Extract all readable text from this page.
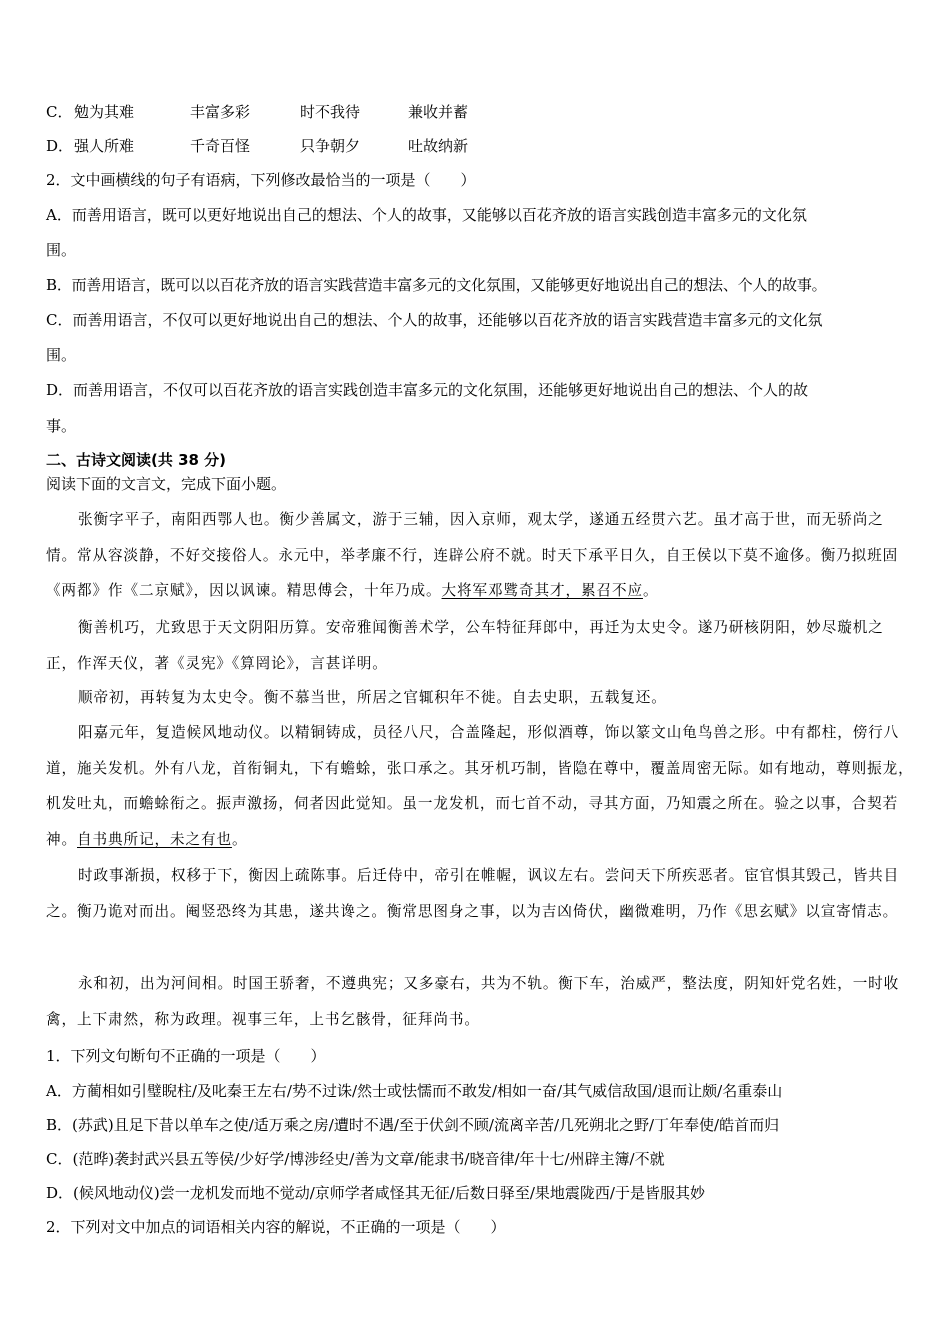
C． 勉为其难	丰富多彩	时不我待	兼收并蓄
D．强人所难	千奇百怪	只争朝夕	吐故纳新
2．文中画横线的句子有语病，下列修改最恰当的一项是（　　）
A．而善用语言，既可以更好地说出自己的想法、个人的故事，又能够以百花齐放的语言实践创造丰富多元的文化氛
围。
B．而善用语言，既可以以百花齐放的语言实践营造丰富多元的文化氛围，又能够更好地说出自己的想法、个人的故事。
C．而善用语言，不仅可以更好地说出自己的想法、个人的故事，还能够以百花齐放的语言实践营造丰富多元的文化氛
围。
D．而善用语言，不仅可以百花齐放的语言实践创造丰富多元的文化氛围，还能够更好地说出自己的想法、个人的故
事。
二、古诗文阅读(共 38 分)
阅读下面的文言文，完成下面小题。
张衡字平子，南阳西鄂人也。衡少善属文，游于三辅，因入京师，观太学，遂通五经贯六艺。虽才高于世，而无骄尚之情。常从容淡静，不好交接俗人。永元中，举孝廉不行，连辟公府不就。时天下承平日久，自王侯以下莫不逾侈。衡乃拟班固《两都》作《二京赋》，因以讽谏。精思傅会，十年乃成。大将军邓骘奇其才，累召不应。
衡善机巧，尤致思于天文阴阳历算。安帝雅闻衡善术学，公车特征拜郎中，再迁为太史令。遂乃研核阴阳，妙尽璇机之正，作浑天仪，著《灵宪》《算罔论》，言甚详明。
顺帝初，再转复为太史令。衡不慕当世，所居之官辄积年不徙。自去史职，五载复还。
阳嘉元年，复造候风地动仪。以精铜铸成，员径八尺，合盖隆起，形似酒尊，饰以篆文山龟鸟兽之形。中有都柱，傍行八道，施关发机。外有八龙，首衔铜丸，下有蟾蜍，张口承之。其牙机巧制，皆隐在尊中，覆盖周密无际。如有地动，尊则振龙，机发吐丸，而蟾蜍衔之。振声激扬，伺者因此觉知。虽一龙发机，而七首不动，寻其方面，乃知震之所在。验之以事，合契若神。自书典所记，未之有也。
时政事渐损，权移于下，衡因上疏陈事。后迁侍中，帝引在帷幄，讽议左右。尝问天下所疾恶者。宦官惧其毁己，皆共目之。衡乃诡对而出。阉竖恐终为其患，遂共谗之。衡常思图身之事，以为吉凶倚伏，幽微难明，乃作《思玄赋》以宣寄情志。
永和初，出为河间相。时国王骄奢，不遵典宪；又多豪右，共为不轨。衡下车，治威严，整法度，阴知奸党名姓，一时收禽，上下肃然，称为政理。视事三年，上书乞骸骨，征拜尚书。
1．下列文句断句不正确的一项是（　　）
A．方蔺相如引璧睨柱/及叱秦王左右/势不过诛/然士或怯懦而不敢发/相如一奋/其气威信敌国/退而让颇/名重泰山
B．(苏武)且足下昔以单车之使/适万乘之房/遭时不遇/至于伏剑不顾/流离辛苦/几死朔北之野/丁年奉使/皓首而归
C．(范晔)袭封武兴县五等侯/少好学/博涉经史/善为文章/能隶书/晓音律/年十七/州辟主簿/不就
D．(候风地动仪)尝一龙机发而地不觉动/京师学者咸怪其无征/后数日驿至/果地震陇西/于是皆服其妙
2．下列对文中加点的词语相关内容的解说，不正确的一项是（　　）
